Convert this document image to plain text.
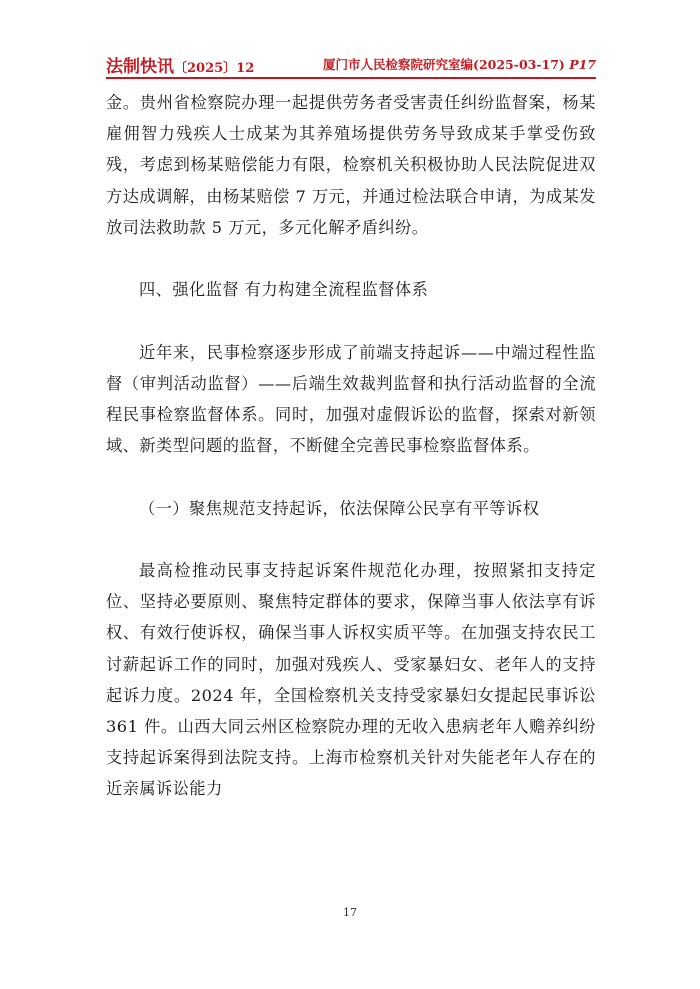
法制快讯〔2025〕12	厦门市人民检察院研究室编(2025-03-17) P17

金。贵州省检察院办理一起提供劳务者受害责任纠纷监督案，杨某雇佣智力残疾人士成某为其养殖场提供劳务导致成某手掌受伤致残，考虑到杨某赔偿能力有限，检察机关积极协助人民法院促进双方达成调解，由杨某赔偿 7 万元，并通过检法联合申请，为成某发放司法救助款 5 万元，多元化解矛盾纠纷。

四、强化监督 有力构建全流程监督体系

近年来，民事检察逐步形成了前端支持起诉——中端过程性监督（审判活动监督）——后端生效裁判监督和执行活动监督的全流程民事检察监督体系。同时，加强对虚假诉讼的监督，探索对新领域、新类型问题的监督，不断健全完善民事检察监督体系。

（一）聚焦规范支持起诉，依法保障公民享有平等诉权

最高检推动民事支持起诉案件规范化办理，按照紧扣支持定位、坚持必要原则、聚焦特定群体的要求，保障当事人依法享有诉权、有效行使诉权，确保当事人诉权实质平等。在加强支持农民工讨薪起诉工作的同时，加强对残疾人、受家暴妇女、老年人的支持起诉力度。2024 年，全国检察机关支持受家暴妇女提起民事诉讼 361 件。山西大同云州区检察院办理的无收入患病老年人赡养纠纷支持起诉案得到法院支持。上海市检察机关针对失能老年人存在的近亲属诉讼能力

17
